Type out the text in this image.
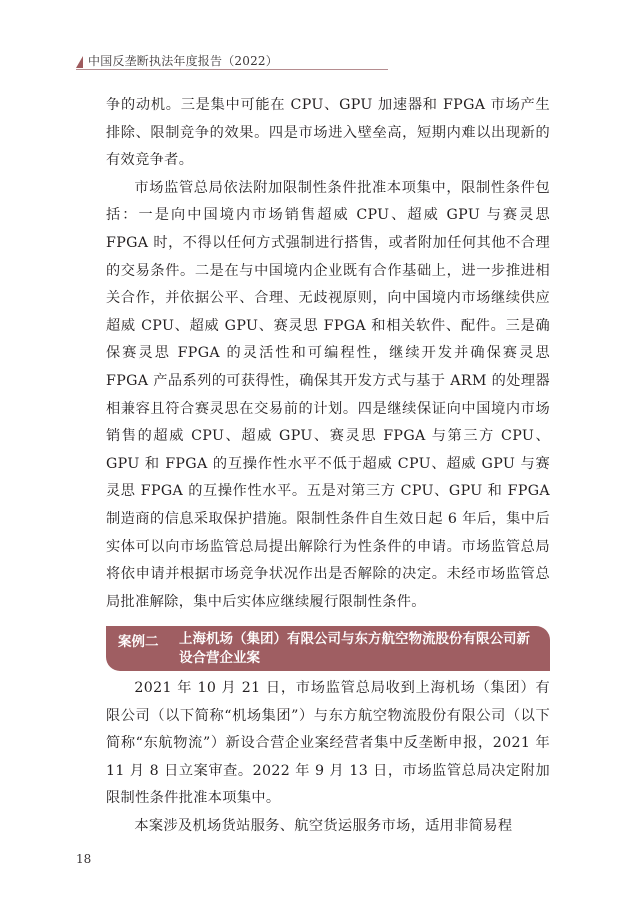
中国反垄断执法年度报告（2022）

争的动机。三是集中可能在 CPU、GPU 加速器和 FPGA 市场产生排除、限制竞争的效果。四是市场进入壁垒高，短期内难以出现新的有效竞争者。

市场监管总局依法附加限制性条件批准本项集中，限制性条件包括：一是向中国境内市场销售超威 CPU、超威 GPU 与赛灵思 FPGA 时，不得以任何方式强制进行搭售，或者附加任何其他不合理的交易条件。二是在与中国境内企业既有合作基础上，进一步推进相关合作，并依据公平、合理、无歧视原则，向中国境内市场继续供应超威 CPU、超威 GPU、赛灵思 FPGA 和相关软件、配件。三是确保赛灵思 FPGA 的灵活性和可编程性，继续开发并确保赛灵思 FPGA 产品系列的可获得性，确保其开发方式与基于 ARM 的处理器相兼容且符合赛灵思在交易前的计划。四是继续保证向中国境内市场销售的超威 CPU、超威 GPU、赛灵思 FPGA 与第三方 CPU、GPU 和 FPGA 的互操作性水平不低于超威 CPU、超威 GPU 与赛灵思 FPGA 的互操作性水平。五是对第三方 CPU、GPU 和 FPGA 制造商的信息采取保护措施。限制性条件自生效日起 6 年后，集中后实体可以向市场监管总局提出解除行为性条件的申请。市场监管总局将依申请并根据市场竞争状况作出是否解除的决定。未经市场监管总局批准解除，集中后实体应继续履行限制性条件。

案例二 上海机场（集团）有限公司与东方航空物流股份有限公司新设合营企业案

2021 年 10 月 21 日，市场监管总局收到上海机场（集团）有限公司（以下简称“机场集团”）与东方航空物流股份有限公司（以下简称“东航物流”）新设合营企业案经营者集中反垄断申报，2021 年 11 月 8 日立案审查。2022 年 9 月 13 日，市场监管总局决定附加限制性条件批准本项集中。

本案涉及机场货站服务、航空货运服务市场，适用非简易程

18
